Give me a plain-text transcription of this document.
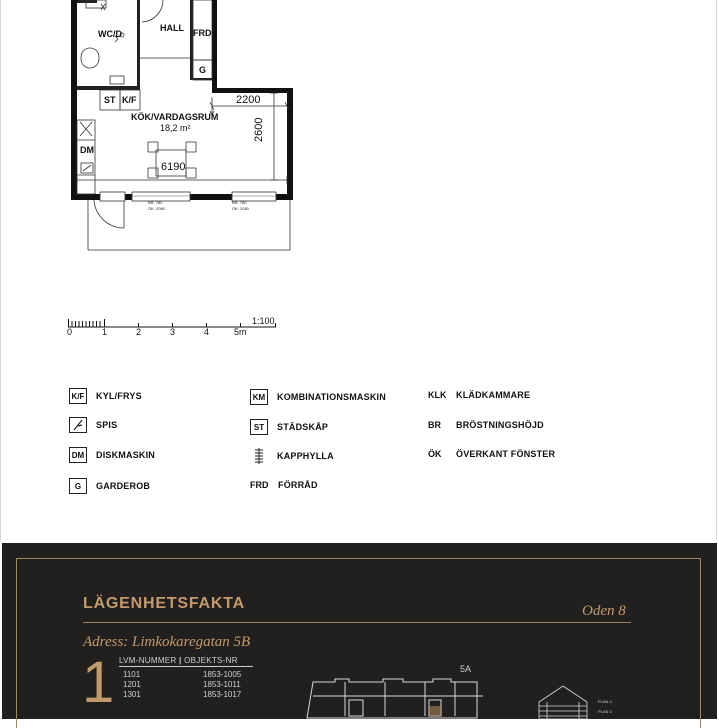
WC/D
HALL FRD
G
ST K/F
KÖK/VARDAGSRUM
18,2 m²
DM
2200
2600
6190
BR: 780
ÖK: 2080
BR: 780
ÖK: 2080
0	1	2	3	4	5m
1:100
K/F KYL/FRYS
SPIS
DM	DISKMASKIN
G	GARDEROB
KM	KOMBINATIONSMASKIN
ST	STÄDSKÅP
KAPPHYLLA
FRD	FÖRRÅD
KLK	KLÄDKAMMARE
BR	BRÖSTNINGSHÖJD
ÖK	ÖVERKANT FÖNSTER
LÄGENHETSFAKTA	Oden 8
Adress: Limkokaregatan 5B
1 LVM-NUMMER | OBJEKTS-NR
1101	1853-1005
1201	1853-1011
1301	1853-1017
5A
PLAN 4
PLAN 3
